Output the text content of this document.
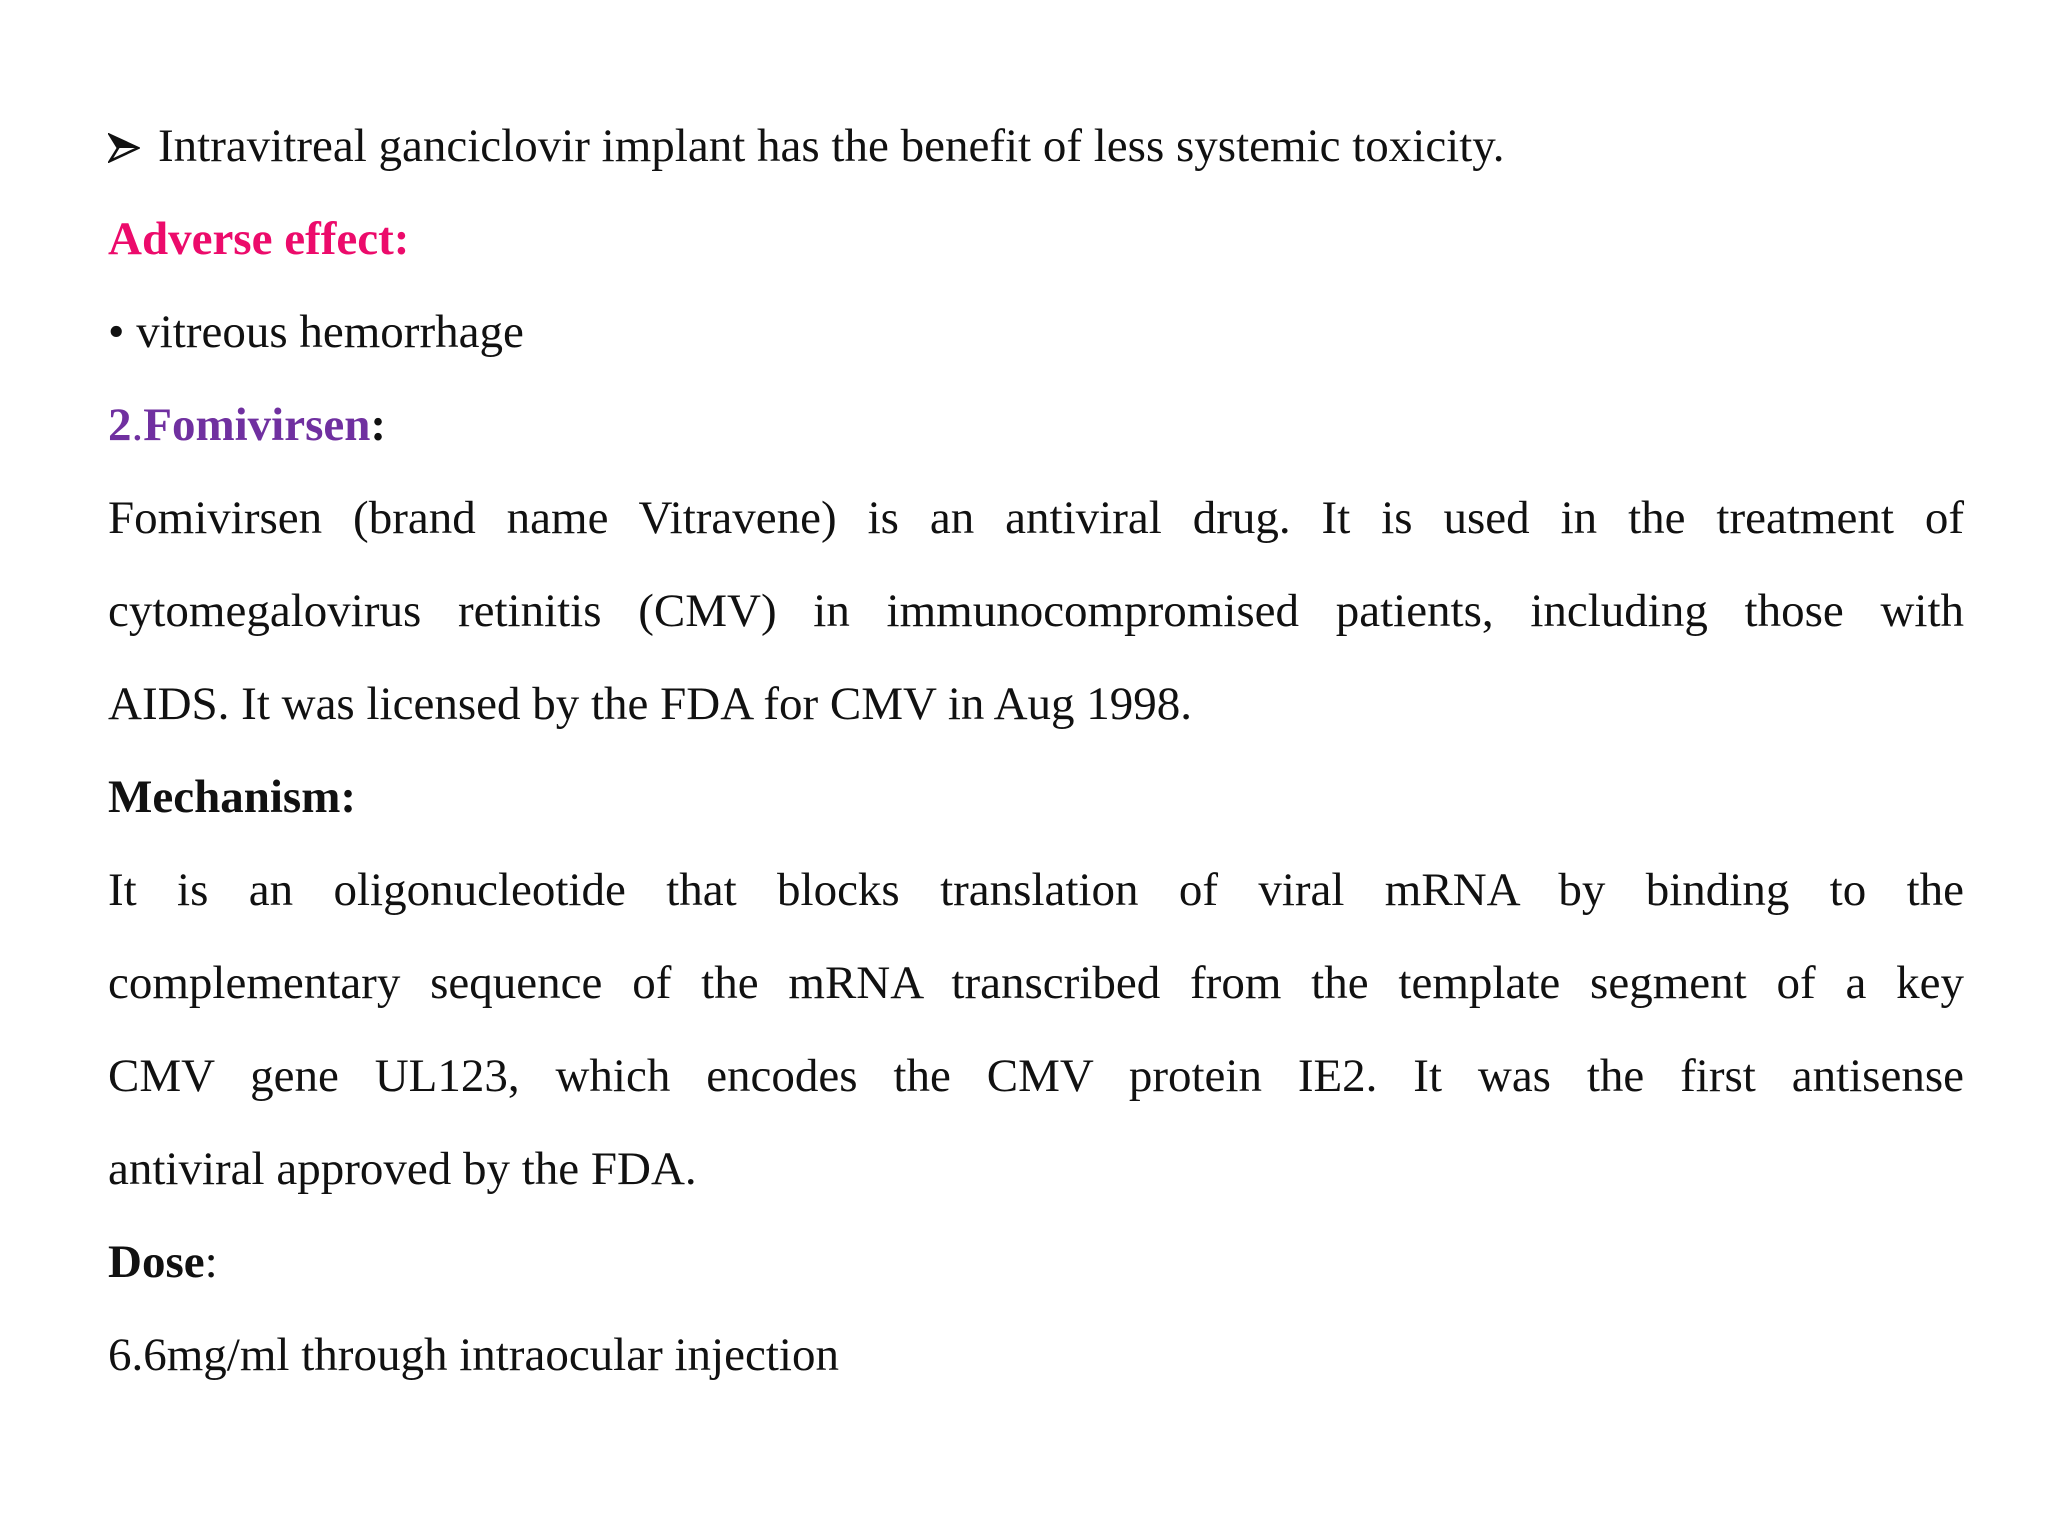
Intravitreal ganciclovir implant has the benefit of less systemic toxicity.

Adverse effect:

• vitreous hemorrhage

2.Fomivirsen:

Fomivirsen (brand name Vitravene) is an antiviral drug. It is used in the treatment of
cytomegalovirus retinitis (CMV) in immunocompromised patients, including those with
AIDS. It was licensed by the FDA for CMV in Aug 1998.

Mechanism:

It is an oligonucleotide that blocks translation of viral mRNA by binding to the
complementary sequence of the mRNA transcribed from the template segment of a key
CMV gene UL123, which encodes the CMV protein IE2. It was the first antisense
antiviral approved by the FDA.

Dose:

6.6mg/ml through intraocular injection
